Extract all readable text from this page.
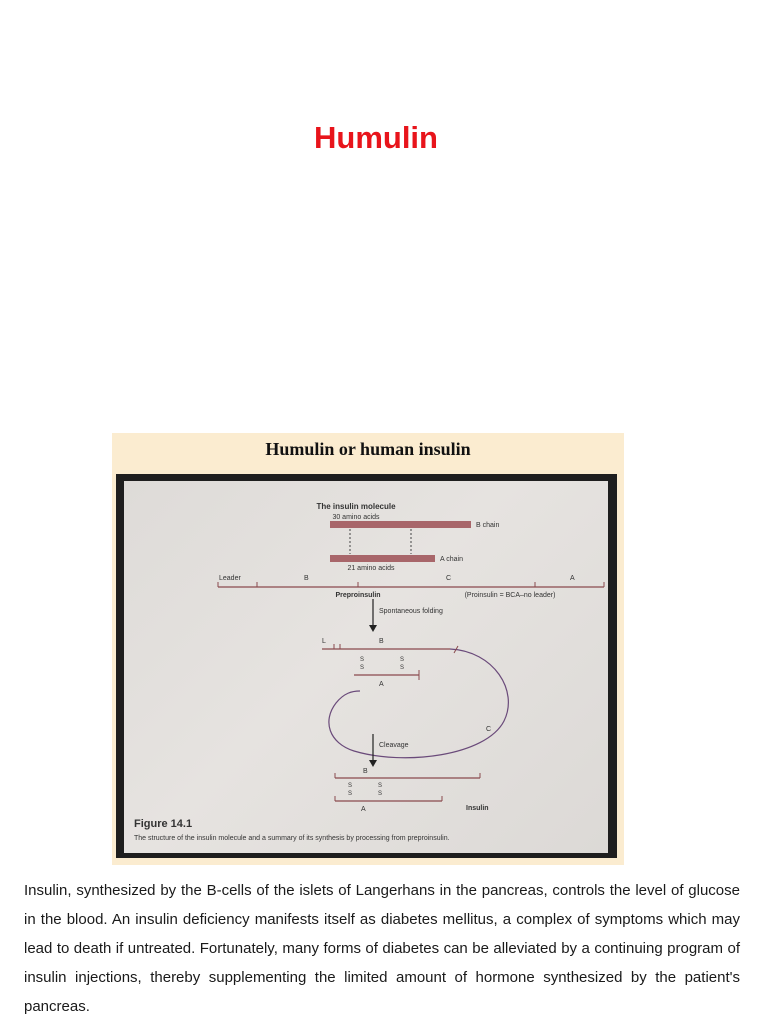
Humulin
Humulin or human insulin
The insulin molecule
30 amino acids
B chain
A chain
21 amino acids
Leader	B	C	A
Preproinsulin	(Proinsulin = BCA–no leader)
Spontaneous folding
L	B
S
S
S
S
A
C
Cleavage
B
S
S
S
S
A	Insulin
Figure 14.1
The structure of the insulin molecule and a summary of its synthesis by processing from preproinsulin.

Insulin, synthesized by the B-cells of the islets of Langerhans in the pancreas, controls the level of glucose in the blood. An insulin deficiency manifests itself as diabetes mellitus, a complex of symptoms which may lead to death if untreated. Fortunately, many forms of diabetes can be alleviated by a continuing program of insulin injections, thereby supplementing the limited amount of hormone synthesized by the patient's pancreas.
